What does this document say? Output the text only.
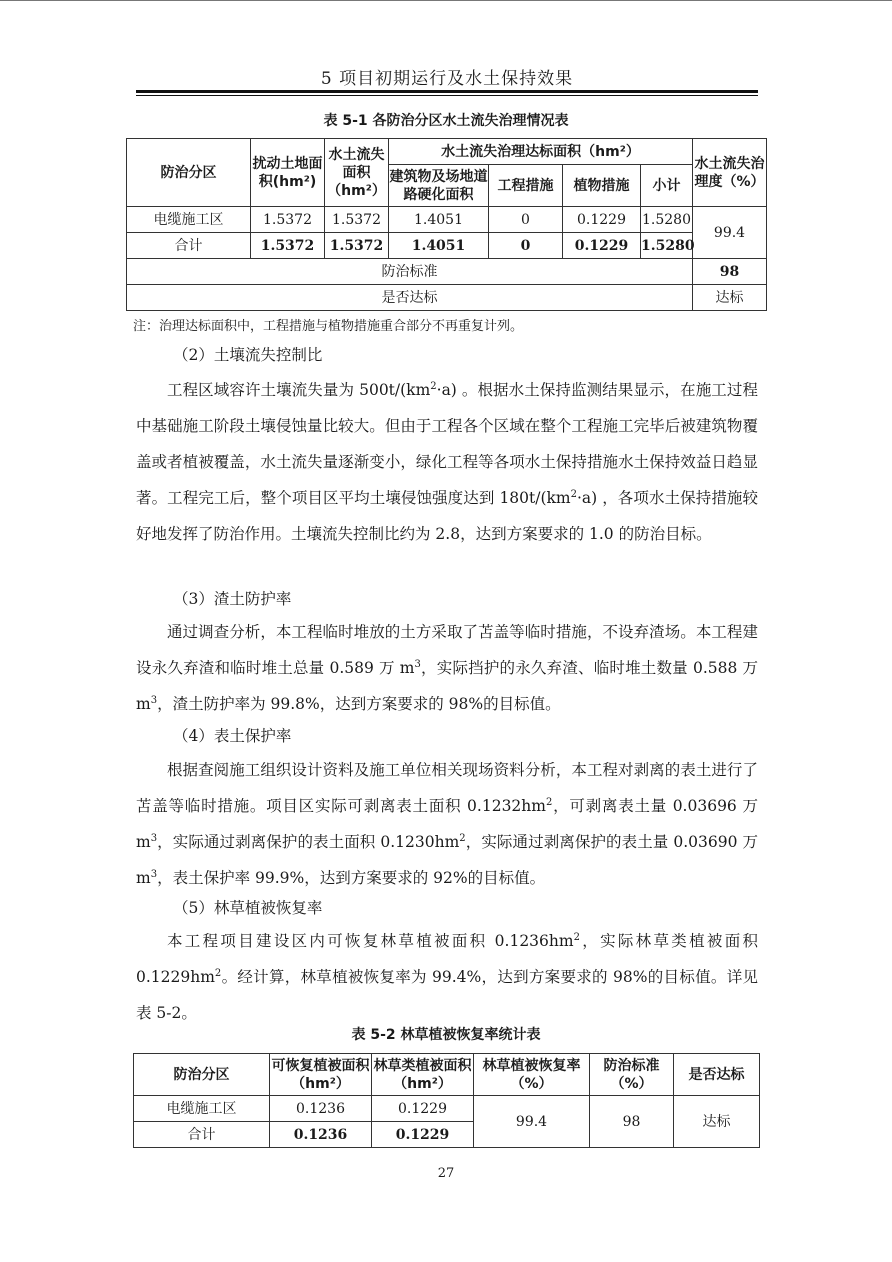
5 项目初期运行及水土保持效果
表 5-1 各防治分区水土流失治理情况表
防治分区	扰动土地面积(hm²)	水土流失面积（hm²）	水土流失治理达标面积（hm²）				水土流失治理度（%）
			建筑物及场地道路硬化面积	工程措施	植物措施	小计	
电缆施工区	1.5372	1.5372	1.4051	0	0.1229	1.5280	99.4
合计	1.5372	1.5372	1.4051	0	0.1229	1.5280	
防治标准							98
是否达标							达标
注：治理达标面积中，工程措施与植物措施重合部分不再重复计列。
（2）土壤流失控制比

工程区域容许土壤流失量为 $500t/(km^2\cdot a)$ 。根据水土保持监测结果显示，在施工过程中基础施工阶段土壤侵蚀量比较大。但由于工程各个区域在整个工程施工完毕后被建筑物覆盖或者植被覆盖，水土流失量逐渐变小，绿化工程等各项水土保持措施水土保持效益日趋显著。工程完工后，整个项目区平均土壤侵蚀强度达到 $180t/(km^2\cdot a)$ ，各项水土保持措施较好地发挥了防治作用。土壤流失控制比约为 2.8，达到方案要求的 1.0 的防治目标。

（3）渣土防护率

通过调查分析，本工程临时堆放的土方采取了苫盖等临时措施，不设弃渣场。本工程建设永久弃渣和临时堆土总量 0.589 万 $m^3$，实际挡护的永久弃渣、临时堆土数量 0.588 万 $m^3$，渣土防护率为 99.8%，达到方案要求的 98%的目标值。

（4）表土保护率

根据查阅施工组织设计资料及施工单位相关现场资料分析，本工程对剥离的表土进行了苫盖等临时措施。项目区实际可剥离表土面积 $0.1232hm^2$，可剥离表土量 0.03696 万 $m^3$，实际通过剥离保护的表土面积 $0.1230hm^2$，实际通过剥离保护的表土量 0.03690 万 $m^3$，表土保护率 99.9%，达到方案要求的 92%的目标值。

（5）林草植被恢复率

本工程项目建设区内可恢复林草植被面积 $0.1236hm^2$，实际林草类植被面积 $0.1229hm^2$。经计算，林草植被恢复率为 99.4%，达到方案要求的 98%的目标值。详见表 5-2。

表 5-2 林草植被恢复率统计表
防治分区	可恢复植被面积（hm²）	林草类植被面积（hm²）	林草植被恢复率（%）	防治标准（%）	是否达标
电缆施工区	0.1236	0.1229	99.4	98	达标
合计	0.1236	0.1229			
27
